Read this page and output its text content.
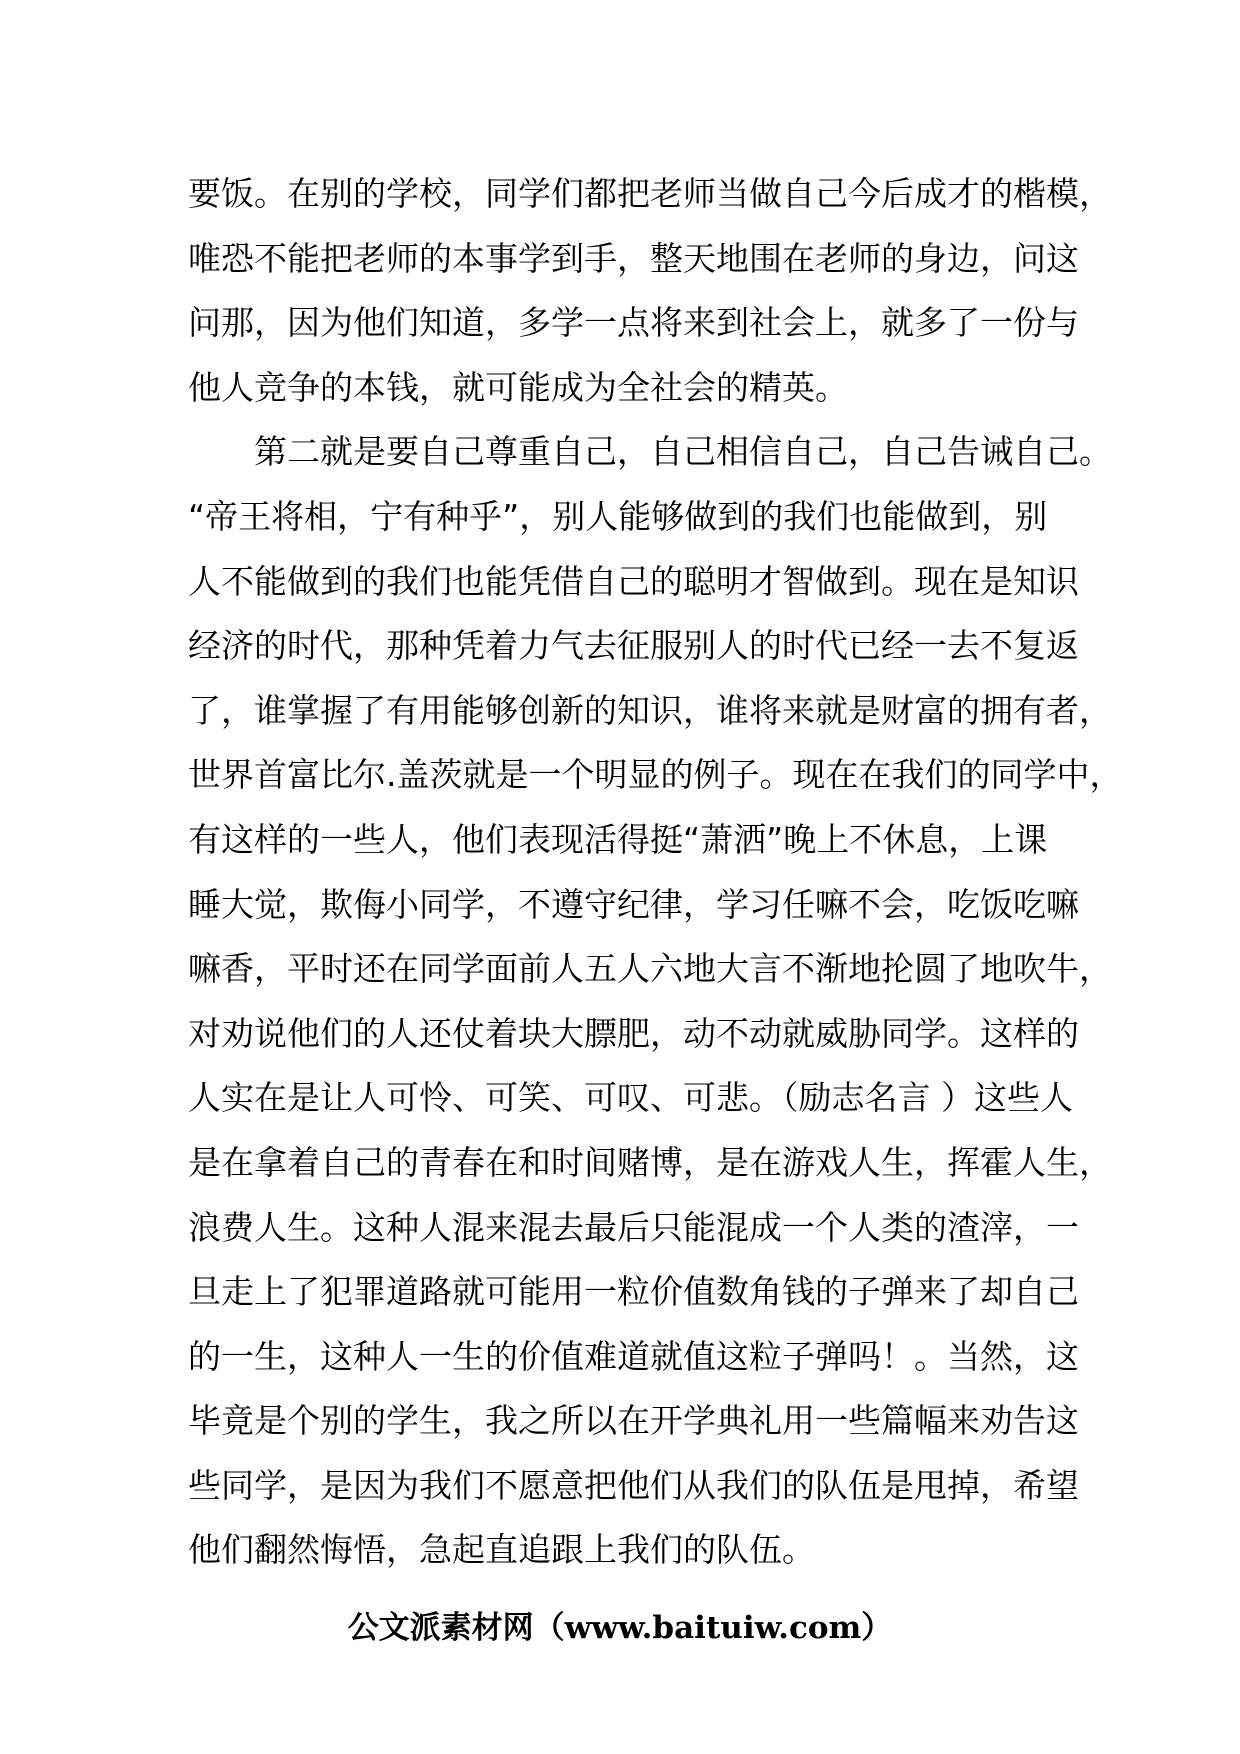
要饭。在别的学校，同学们都把老师当做自己今后成才的楷模，
唯恐不能把老师的本事学到手，整天地围在老师的身边，问这
问那，因为他们知道，多学一点将来到社会上，就多了一份与
他人竞争的本钱，就可能成为全社会的精英。
　　第二就是要自己尊重自己，自己相信自己，自己告诫自己。
“帝王将相，宁有种乎”，别人能够做到的我们也能做到，别
人不能做到的我们也能凭借自己的聪明才智做到。现在是知识
经济的时代，那种凭着力气去征服别人的时代已经一去不复返
了，谁掌握了有用能够创新的知识，谁将来就是财富的拥有者，
世界首富比尔.盖茨就是一个明显的例子。现在在我们的同学中，
有这样的一些人，他们表现活得挺“萧洒”晚上不休息，上课
睡大觉，欺侮小同学，不遵守纪律，学习任嘛不会，吃饭吃嘛
嘛香，平时还在同学面前人五人六地大言不渐地抡圆了地吹牛，
对劝说他们的人还仗着块大膘肥，动不动就威胁同学。这样的
人实在是让人可怜、可笑、可叹、可悲。（励志名言 ）这些人
是在拿着自己的青春在和时间赌博，是在游戏人生，挥霍人生，
浪费人生。这种人混来混去最后只能混成一个人类的渣滓，一
旦走上了犯罪道路就可能用一粒价值数角钱的子弹来了却自己
的一生，这种人一生的价值难道就值这粒子弹吗！。当然，这
毕竟是个别的学生，我之所以在开学典礼用一些篇幅来劝告这
些同学，是因为我们不愿意把他们从我们的队伍是甩掉，希望
他们翻然悔悟，急起直追跟上我们的队伍。
公文派素材网（www.baituiw.com）
